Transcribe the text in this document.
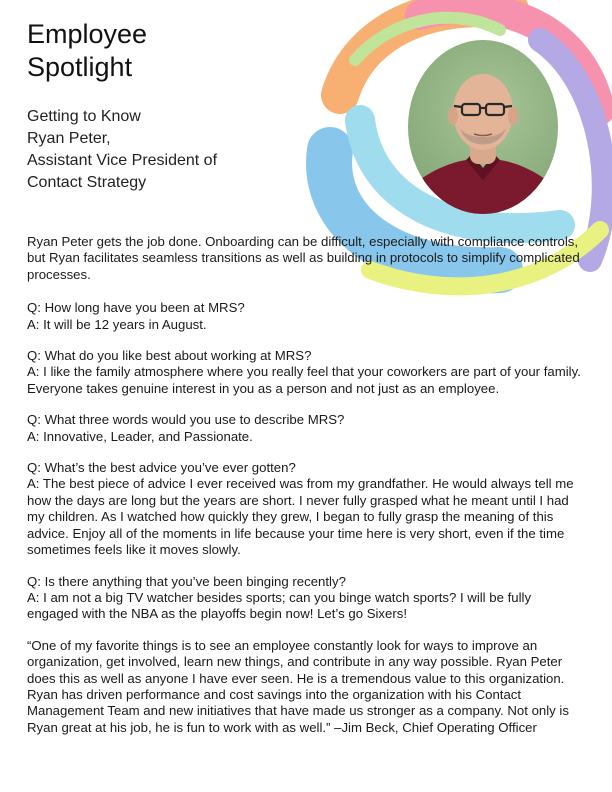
Employee
Spotlight
Getting to Know
Ryan Peter,
Assistant Vice President of
Contact Strategy

Ryan Peter gets the job done. Onboarding can be difficult, especially with compliance controls, but Ryan facilitates seamless transitions as well as building in protocols to simplify complicated processes.

Q: How long have you been at MRS?
A: It will be 12 years in August.
Q: What do you like best about working at MRS?
A: I like the family atmosphere where you really feel that your coworkers are part of your family. Everyone takes genuine interest in you as a person and not just as an employee.
Q: What three words would you use to describe MRS?
A: Innovative, Leader, and Passionate.
Q: What’s the best advice you’ve ever gotten?
A: The best piece of advice I ever received was from my grandfather. He would always tell me how the days are long but the years are short. I never fully grasped what he meant until I had my children. As I watched how quickly they grew, I began to fully grasp the meaning of this advice. Enjoy all of the moments in life because your time here is very short, even if the time sometimes feels like it moves slowly.
Q: Is there anything that you’ve been binging recently?
A: I am not a big TV watcher besides sports; can you binge watch sports? I will be fully engaged with the NBA as the playoffs begin now! Let’s go Sixers!

“One of my favorite things is to see an employee constantly look for ways to improve an organization, get involved, learn new things, and contribute in any way possible. Ryan Peter does this as well as anyone I have ever seen. He is a tremendous value to this organization. Ryan has driven performance and cost savings into the organization with his Contact Management Team and new initiatives that have made us stronger as a company. Not only is Ryan great at his job, he is fun to work with as well.” –Jim Beck, Chief Operating Officer
